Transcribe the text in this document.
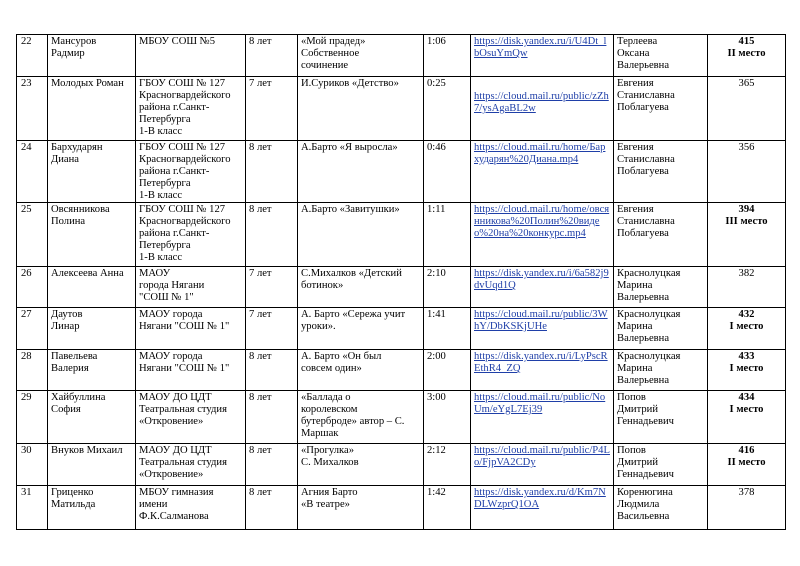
22	Мансуров
Радмир	МБОУ СОШ №5	8 лет	«Мой прадед»
Собственное
сочинение	1:06	https://disk.yandex.ru/i/U4Dt_lbOsuYmQw	Терлеева
Оксана
Валерьевна	415
II место

23	Молодых Роман	ГБОУ СОШ № 127
Красногвардейского
района г.Санкт-
Петербурга
1-В класс	7 лет	И.Суриков «Детство»	0:25	https://cloud.mail.ru/public/zZh7/ysAgaBL2w	Евгения
Станиславна
Поблагуева	365

24	Бархударян
Диана	ГБОУ СОШ № 127
Красногвардейского
района г.Санкт-
Петербурга
1-В класс	8 лет	А.Барто «Я выросла»	0:46	https://cloud.mail.ru/home/Бархударян%20Диана.mp4	Евгения
Станиславна
Поблагуева	356

25	Овсянникова
Полина	ГБОУ СОШ № 127
Красногвардейского
района г.Санкт-
Петербурга
1-В класс	8 лет	А.Барто «Завитушки»	1:11	https://cloud.mail.ru/home/овсянникова%20Полин%20видео%20на%20конкурс.mp4	Евгения
Станиславна
Поблагуева	394
III место

26	Алексеева Анна	МАОУ
города Нягани
"СОШ № 1"	7 лет	С.Михалков «Детский
ботинок»	2:10	https://disk.yandex.ru/i/6a582j9dvUqd1Q	Краснолуцкая
Марина
Валерьевна	382

27	Даутов
Линар	МАОУ города
Нягани "СОШ № 1"	7 лет	А. Барто «Сережа учит
уроки».	1:41	https://cloud.mail.ru/public/3WhY/DbKSKjUHe	Краснолуцкая
Марина
Валерьевна	432
I место

28	Павельева
Валерия	МАОУ города
Нягани "СОШ № 1"	8 лет	А. Барто «Он был
совсем один»	2:00	https://disk.yandex.ru/i/LyPscREthR4_ZQ	Краснолуцкая
Марина
Валерьевна	433
I место

29	Хайбуллина
София	МАОУ ДО ЦДТ
Театральная студия
«Откровение»	8 лет	«Баллада о
королевском
бутерброде» автор – С.
Маршак	3:00	https://cloud.mail.ru/public/NoUm/eYgL7Ej39	Попов
Дмитрий
Геннадьевич	434
I место

30	Внуков Михаил	МАОУ ДО ЦДТ
Театральная студия
«Откровение»	8 лет	«Прогулка»
С. Михалков	2:12	https://cloud.mail.ru/public/P4Lo/FjpVA2CDy	Попов
Дмитрий
Геннадьевич	416
II место

31	Гриценко
Матильда	МБОУ гимназия
имени
Ф.К.Салманова	8 лет	Агния Барто
«В театре»	1:42	https://disk.yandex.ru/d/Km7NDLWzprQ1OA	Коренюгина
Людмила
Васильевна	378
